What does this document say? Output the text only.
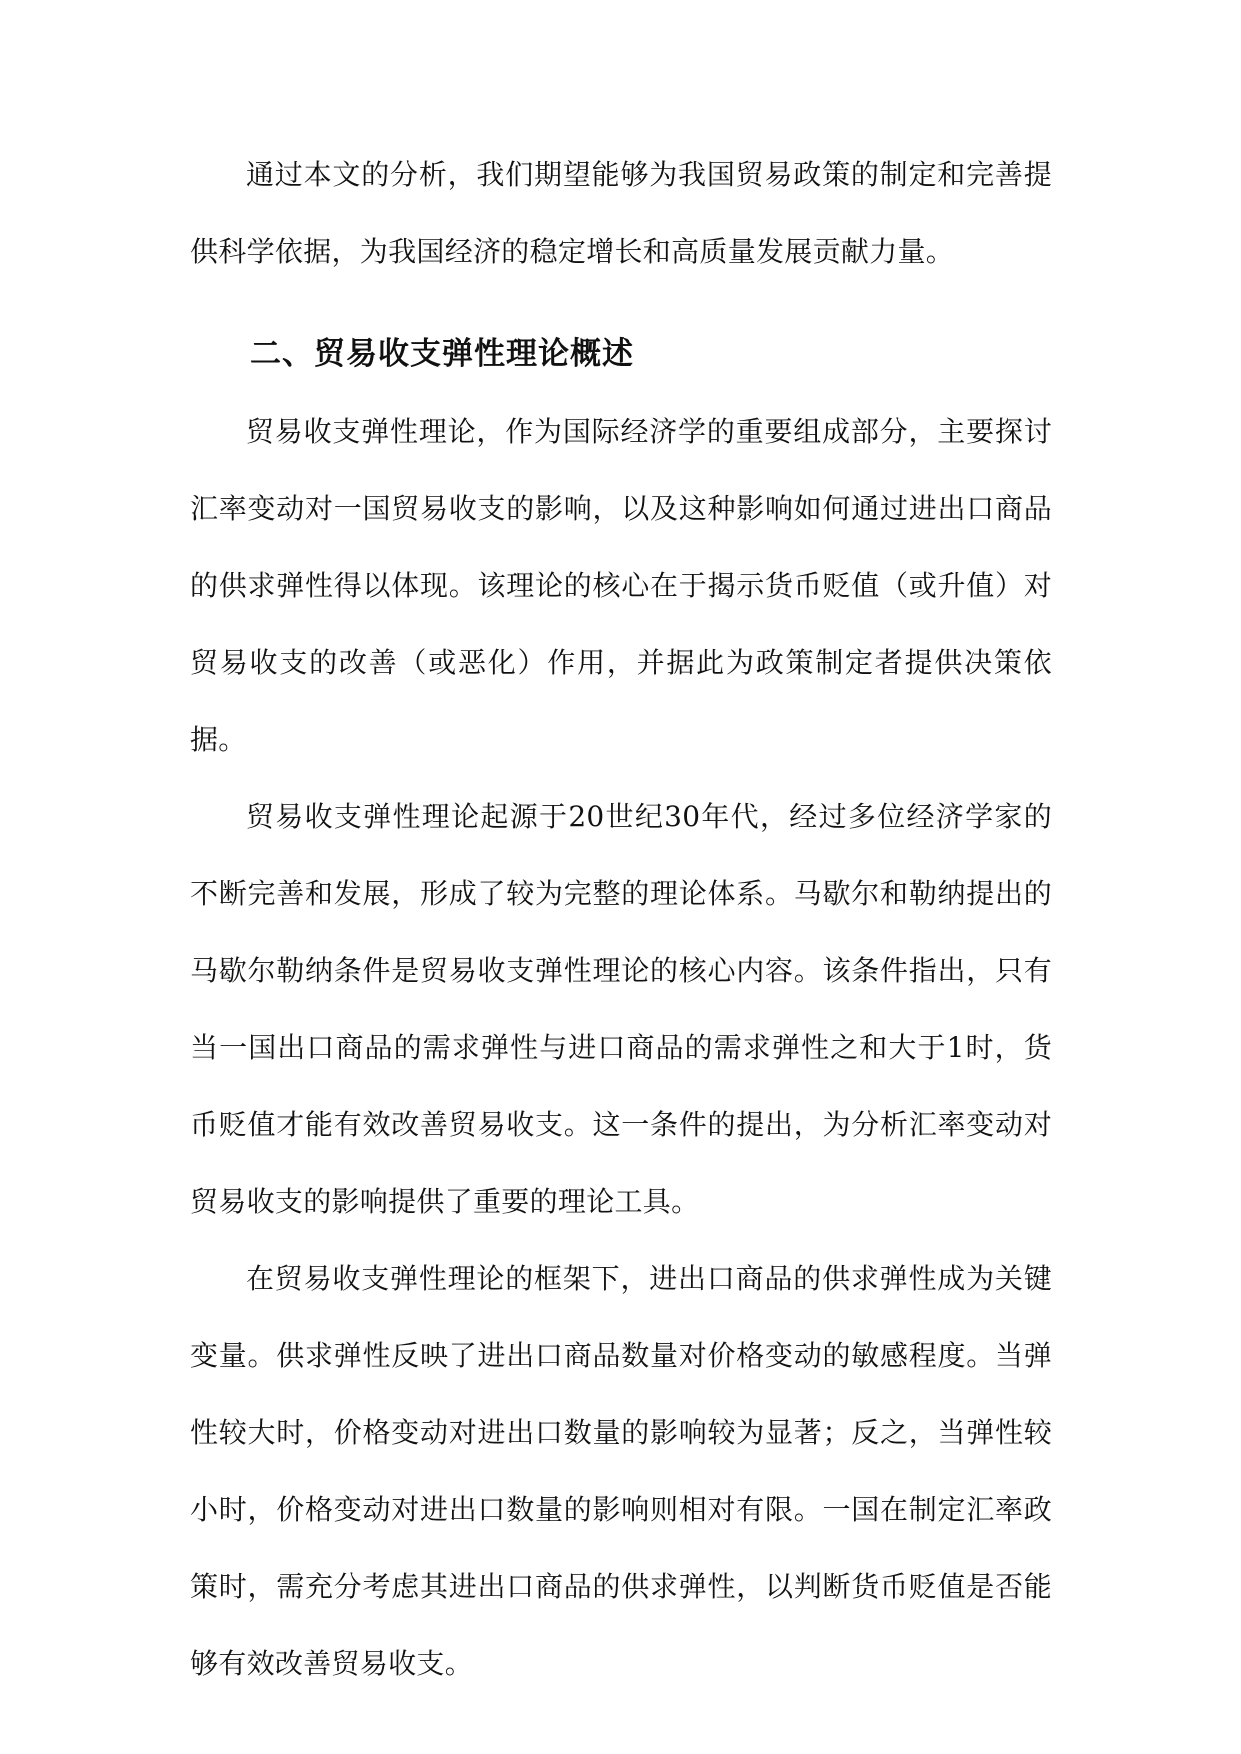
通过本文的分析，我们期望能够为我国贸易政策的制定和完善提供科学依据，为我国经济的稳定增长和高质量发展贡献力量。

二、贸易收支弹性理论概述

贸易收支弹性理论，作为国际经济学的重要组成部分，主要探讨汇率变动对一国贸易收支的影响，以及这种影响如何通过进出口商品的供求弹性得以体现。该理论的核心在于揭示货币贬值（或升值）对贸易收支的改善（或恶化）作用，并据此为政策制定者提供决策依据。

贸易收支弹性理论起源于20世纪30年代，经过多位经济学家的不断完善和发展，形成了较为完整的理论体系。马歇尔和勒纳提出的马歇尔勒纳条件是贸易收支弹性理论的核心内容。该条件指出，只有当一国出口商品的需求弹性与进口商品的需求弹性之和大于1时，货币贬值才能有效改善贸易收支。这一条件的提出，为分析汇率变动对贸易收支的影响提供了重要的理论工具。

在贸易收支弹性理论的框架下，进出口商品的供求弹性成为关键变量。供求弹性反映了进出口商品数量对价格变动的敏感程度。当弹性较大时，价格变动对进出口数量的影响较为显著；反之，当弹性较小时，价格变动对进出口数量的影响则相对有限。一国在制定汇率政策时，需充分考虑其进出口商品的供求弹性，以判断货币贬值是否能够有效改善贸易收支。
